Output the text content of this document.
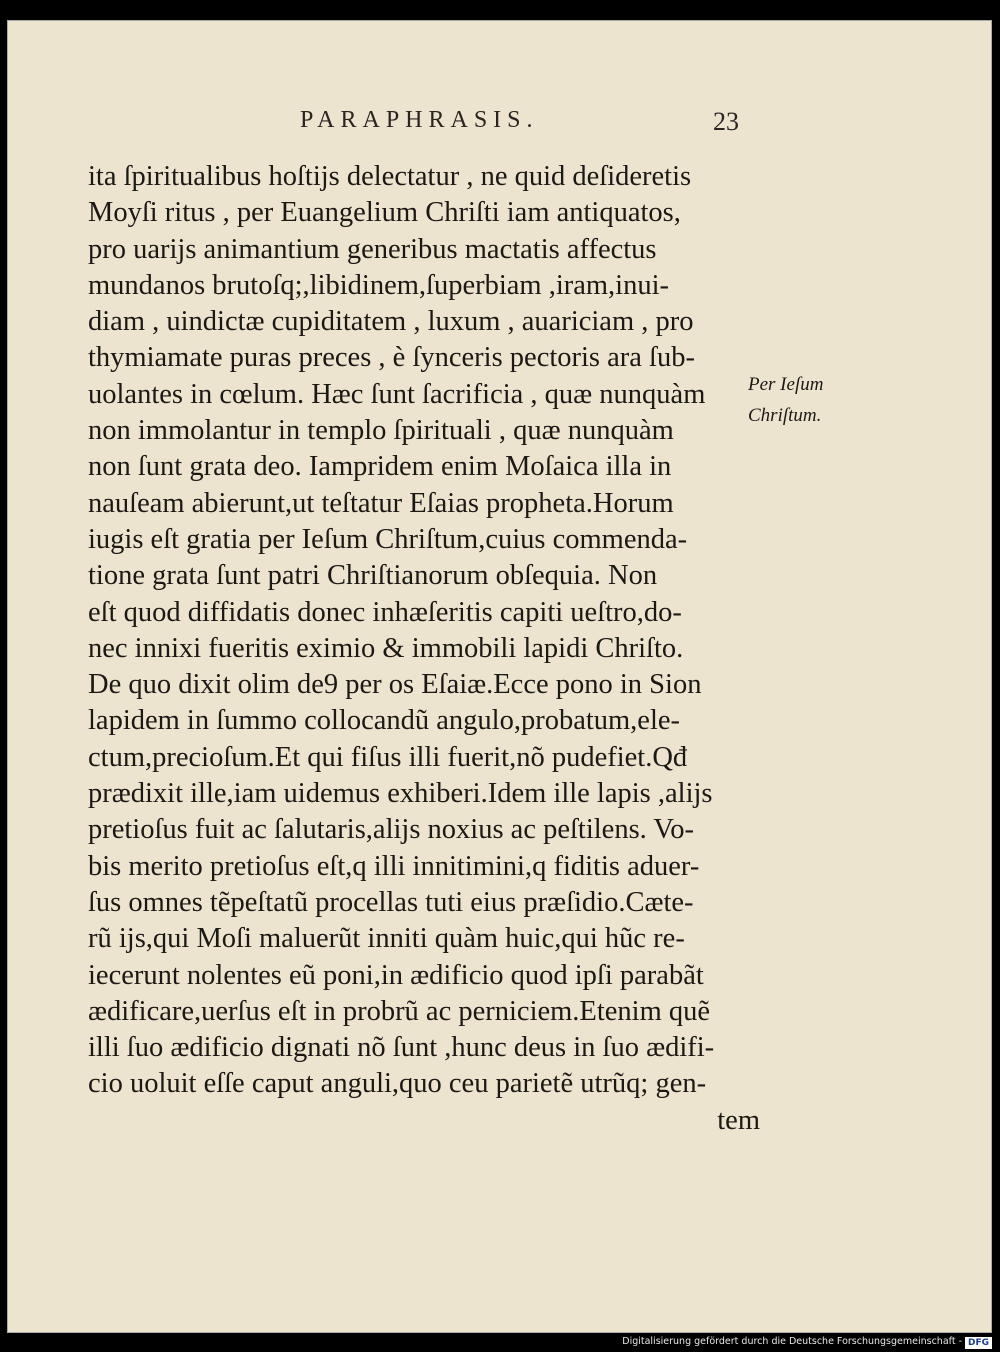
PARAPHRASIS.	23
ita ſpiritualibus hoſtijs delectatur , ne quid deſideretis
Moyſi ritus , per Euangelium Chriſti iam antiquatos,
pro uarijs animantium generibus mactatis affectus
mundanos brutoſq;,libidinem,ſuperbiam ,iram,inui-
diam , uindictæ cupiditatem , luxum , auariciam , pro
thymiamate puras preces , è ſynceris pectoris ara ſub-
uolantes in cœlum. Hæc ſunt ſacrificia , quæ nunquàm
non immolantur in templo ſpirituali , quæ nunquàm
non ſunt grata deo. Iampridem enim Moſaica illa in
nauſeam abierunt,ut teſtatur Eſaias propheta.Horum
iugis eſt gratia per Ieſum Chriſtum,cuius commenda-
tione grata ſunt patri Chriſtianorum obſequia. Non
eſt quod diffidatis donec inhæſeritis capiti ueſtro,do-
nec innixi fueritis eximio & immobili lapidi Chriſto.
De quo dixit olim de9 per os Eſaiæ.Ecce pono in Sion
lapidem in ſummo collocandũ angulo,probatum,ele-
ctum,precioſum.Et qui fiſus illi fuerit,nõ pudefiet.Qđ
prædixit ille,iam uidemus exhiberi.Idem ille lapis ,alijs
pretioſus fuit ac ſalutaris,alijs noxius ac peſtilens. Vo-
bis merito pretioſus eſt,q illi innitimini,q fiditis aduer-
ſus omnes tẽpeſtatũ procellas tuti eius præſidio.Cæte-
rũ ijs,qui Moſi maluerũt inniti quàm huic,qui hũc re-
iecerunt nolentes eũ poni,in ædificio quod ipſi parabãt
ædificare,uerſus eſt in probrũ ac perniciem.Etenim quẽ
illi ſuo ædificio dignati nõ ſunt ,hunc deus in ſuo ædifi-
cio uoluit eſſe caput anguli,quo ceu parietẽ utrũq; gen-
tem
Per Ieſum
Chriſtum.
Digitalisierung gefördert durch die Deutsche Forschungsgemeinschaft - DFG
